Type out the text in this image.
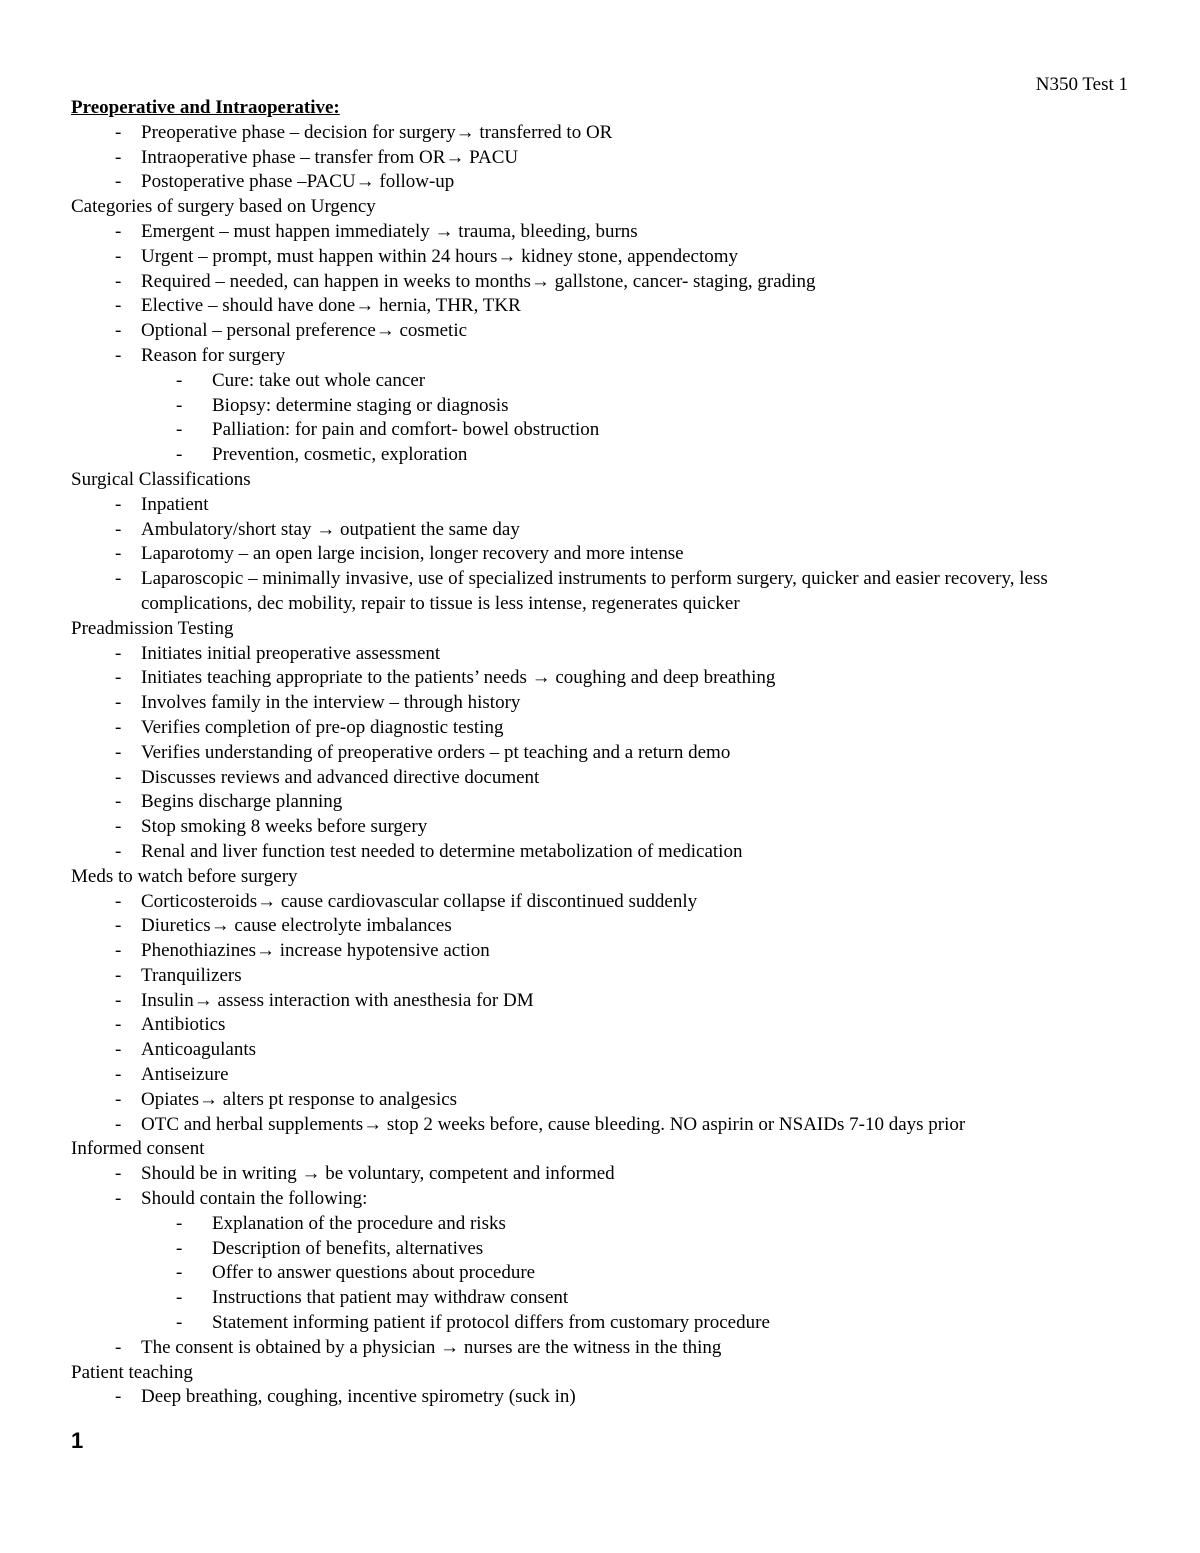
N350 Test 1
Preoperative and Intraoperative:
- Preoperative phase – decision for surgery→ transferred to OR
- Intraoperative phase – transfer from OR→ PACU
- Postoperative phase –PACU→ follow-up
Categories of surgery based on Urgency
- Emergent – must happen immediately → trauma, bleeding, burns
- Urgent – prompt, must happen within 24 hours→ kidney stone, appendectomy
- Required – needed, can happen in weeks to months→ gallstone, cancer- staging, grading
- Elective – should have done→ hernia, THR, TKR
- Optional – personal preference→ cosmetic
- Reason for surgery
- Cure: take out whole cancer
- Biopsy: determine staging or diagnosis
- Palliation: for pain and comfort- bowel obstruction
- Prevention, cosmetic, exploration
Surgical Classifications
- Inpatient
- Ambulatory/short stay → outpatient the same day
- Laparotomy – an open large incision, longer recovery and more intense
- Laparoscopic – minimally invasive, use of specialized instruments to perform surgery, quicker and easier recovery, less complications, dec mobility, repair to tissue is less intense, regenerates quicker
Preadmission Testing
- Initiates initial preoperative assessment
- Initiates teaching appropriate to the patients’ needs → coughing and deep breathing
- Involves family in the interview – through history
- Verifies completion of pre-op diagnostic testing
- Verifies understanding of preoperative orders – pt teaching and a return demo
- Discusses reviews and advanced directive document
- Begins discharge planning
- Stop smoking 8 weeks before surgery
- Renal and liver function test needed to determine metabolization of medication
Meds to watch before surgery
- Corticosteroids→ cause cardiovascular collapse if discontinued suddenly
- Diuretics→ cause electrolyte imbalances
- Phenothiazines→ increase hypotensive action
- Tranquilizers
- Insulin→ assess interaction with anesthesia for DM
- Antibiotics
- Anticoagulants
- Antiseizure
- Opiates→ alters pt response to analgesics
- OTC and herbal supplements→ stop 2 weeks before, cause bleeding. NO aspirin or NSAIDs 7-10 days prior
Informed consent
- Should be in writing → be voluntary, competent and informed
- Should contain the following:
- Explanation of the procedure and risks
- Description of benefits, alternatives
- Offer to answer questions about procedure
- Instructions that patient may withdraw consent
- Statement informing patient if protocol differs from customary procedure
- The consent is obtained by a physician → nurses are the witness in the thing
Patient teaching
- Deep breathing, coughing, incentive spirometry (suck in)
1
